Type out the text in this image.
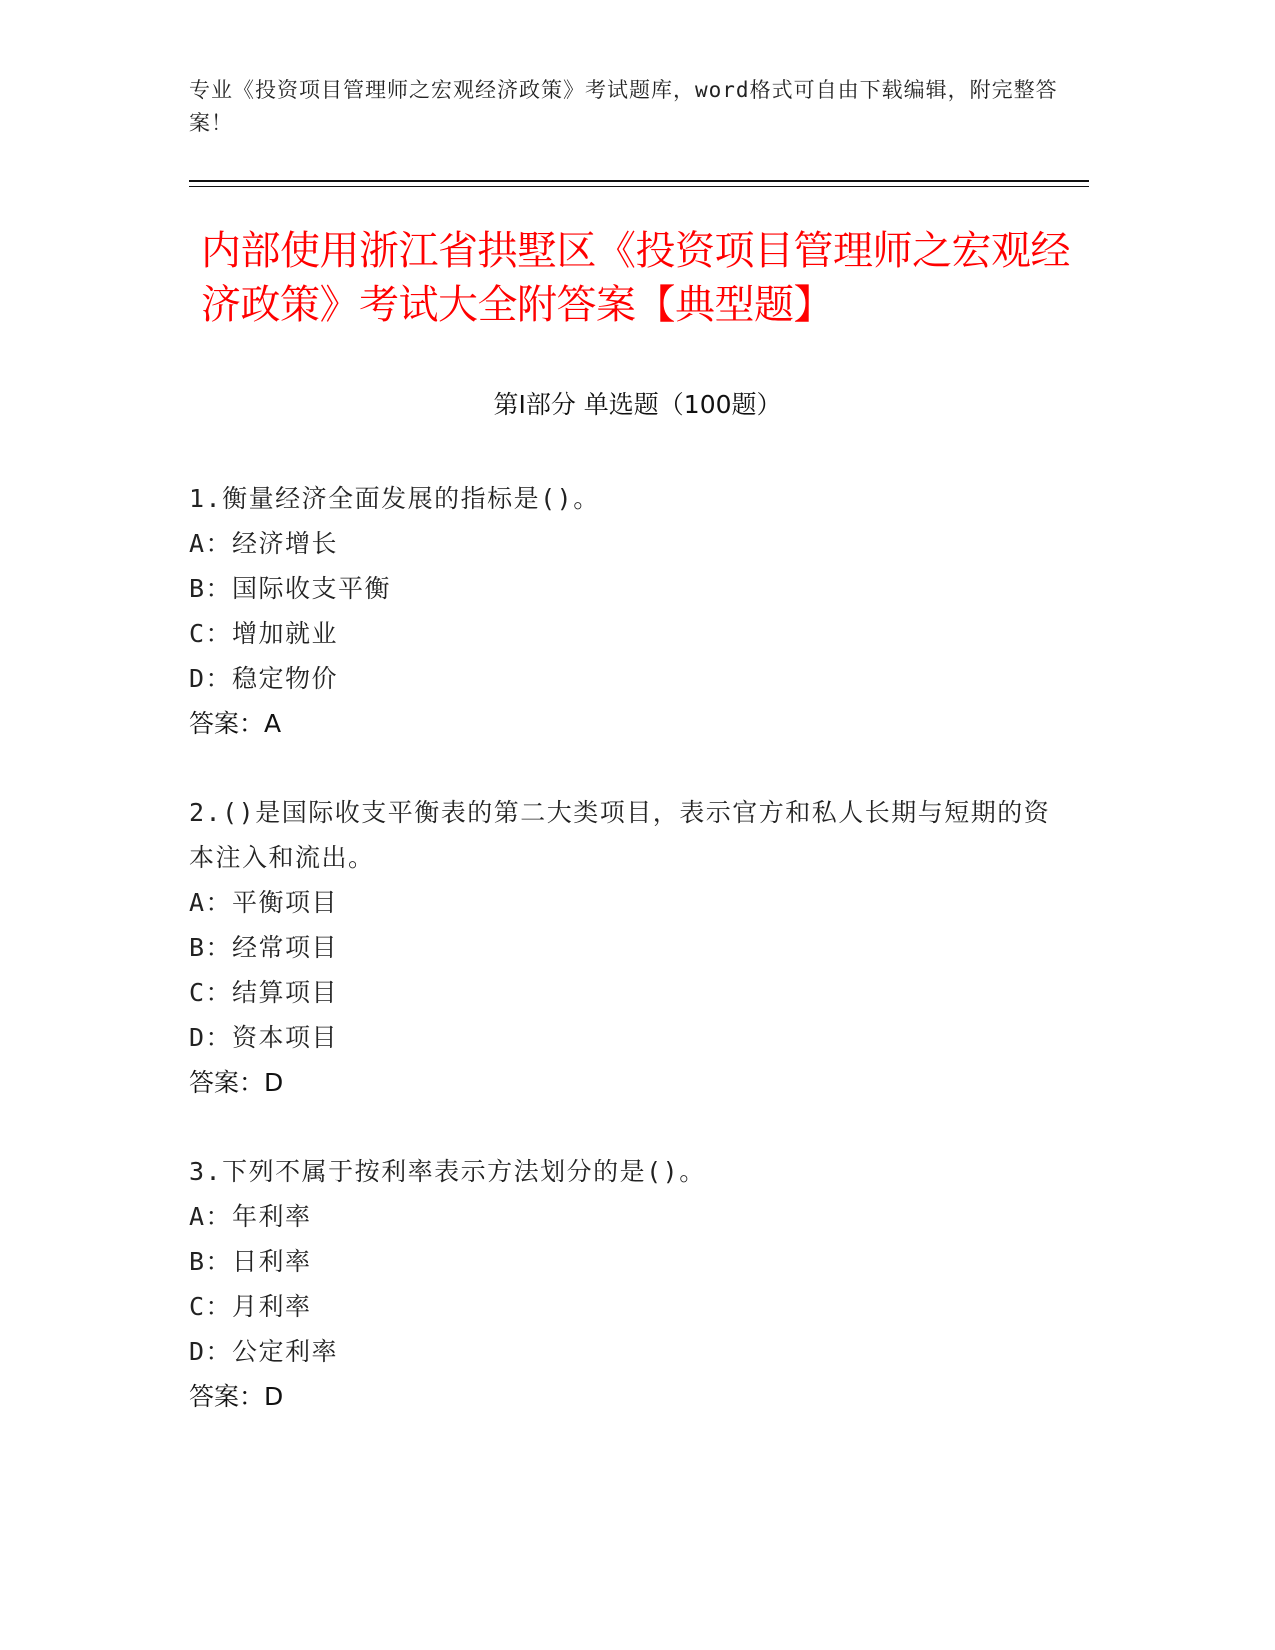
专业《投资项目管理师之宏观经济政策》考试题库，word格式可自由下载编辑，附完整答案！
内部使用浙江省拱墅区《投资项目管理师之宏观经济政策》考试大全附答案【典型题】
第Ⅰ部分 单选题（100题）

1.衡量经济全面发展的指标是()。

A：经济增长

B：国际收支平衡

C：增加就业

D：稳定物价

答案：A

2.()是国际收支平衡表的第二大类项目，表示官方和私人长期与短期的资本注入和流出。

A：平衡项目

B：经常项目

C：结算项目

D：资本项目

答案：D

3.下列不属于按利率表示方法划分的是()。

A：年利率

B：日利率

C：月利率

D：公定利率

答案：D
